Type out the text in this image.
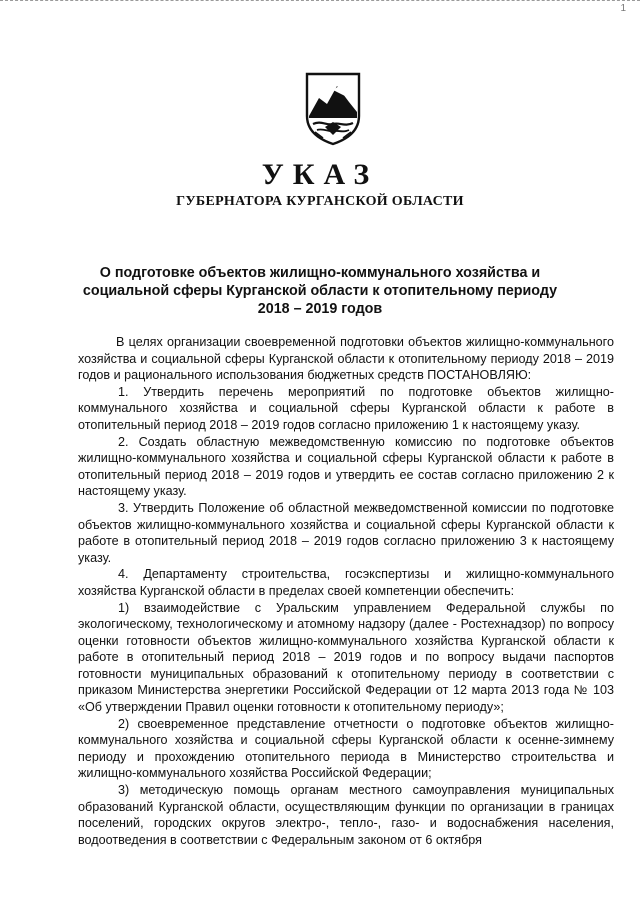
1
УКАЗ
ГУБЕРНАТОРА КУРГАНСКОЙ ОБЛАСТИ
О подготовке объектов жилищно-коммунального хозяйства и социальной сферы Курганской области к отопительному периоду 2018 – 2019 годов

В целях организации своевременной подготовки объектов жилищно-коммунального хозяйства и социальной сферы Курганской области к отопительному периоду 2018 – 2019 годов и рационального использования бюджетных средств ПОСТАНОВЛЯЮ:

1. Утвердить перечень мероприятий по подготовке объектов жилищно-коммунального хозяйства и социальной сферы Курганской области к работе в отопительный период 2018 – 2019 годов согласно приложению 1 к настоящему указу.

2. Создать областную межведомственную комиссию по подготовке объектов жилищно-коммунального хозяйства и социальной сферы Курганской области к работе в отопительный период 2018 – 2019 годов и утвердить ее состав согласно приложению 2 к настоящему указу.

3. Утвердить Положение об областной межведомственной комиссии по подготовке объектов жилищно-коммунального хозяйства и социальной сферы Курганской области к работе в отопительный период 2018 – 2019 годов согласно приложению 3 к настоящему указу.

4. Департаменту строительства, госэкспертизы и жилищно-коммунального хозяйства Курганской области в пределах своей компетенции обеспечить:

1) взаимодействие с Уральским управлением Федеральной службы по экологическому, технологическому и атомному надзору (далее - Ростехнадзор) по вопросу оценки готовности объектов жилищно-коммунального хозяйства Курганской области к работе в отопительный период 2018 – 2019 годов и по вопросу выдачи паспортов готовности муниципальных образований к отопительному периоду в соответствии с приказом Министерства энергетики Российской Федерации от 12 марта 2013 года № 103 «Об утверждении Правил оценки готовности к отопительному периоду»;

2) своевременное представление отчетности о подготовке объектов жилищно-коммунального хозяйства и социальной сферы Курганской области к осенне-зимнему периоду и прохождению отопительного периода в Министерство строительства и жилищно-коммунального хозяйства Российской Федерации;

3) методическую помощь органам местного самоуправления муниципальных образований Курганской области, осуществляющим функции по организации в границах поселений, городских округов электро-, тепло-, газо- и водоснабжения населения, водоотведения в соответствии с Федеральным законом от 6 октября
